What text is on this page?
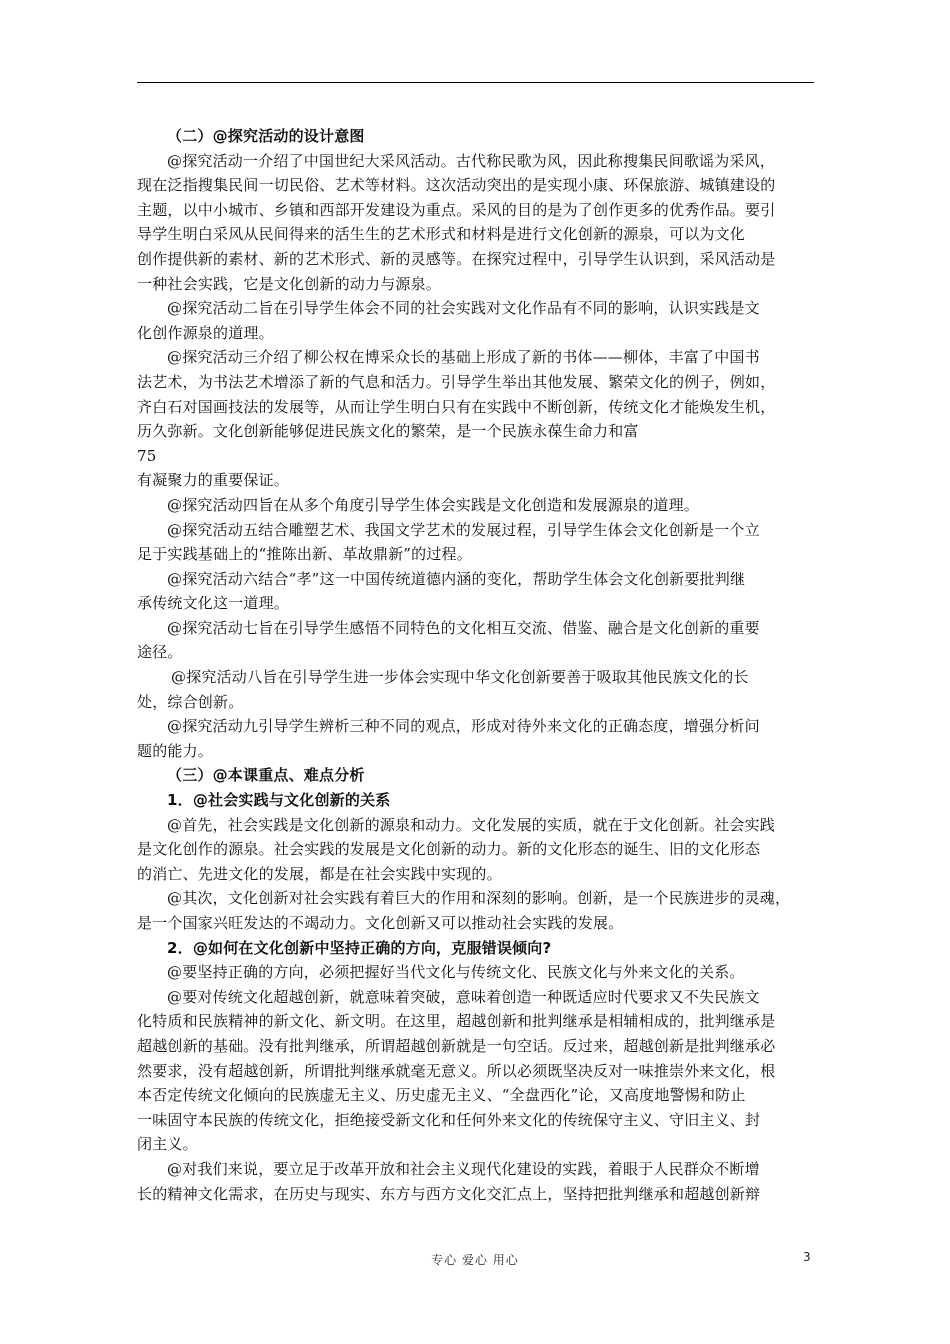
（二）@探究活动的设计意图

@探究活动一介绍了中国世纪大采风活动。古代称民歌为风，因此称搜集民间歌谣为采风，

现在泛指搜集民间一切民俗、艺术等材料。这次活动突出的是实现小康、环保旅游、城镇建设的

主题，以中小城市、乡镇和西部开发建设为重点。采风的目的是为了创作更多的优秀作品。要引

导学生明白采风从民间得来的活生生的艺术形式和材料是进行文化创新的源泉，可以为文化

创作提供新的素材、新的艺术形式、新的灵感等。在探究过程中，引导学生认识到，采风活动是

一种社会实践，它是文化创新的动力与源泉。

@探究活动二旨在引导学生体会不同的社会实践对文化作品有不同的影响，认识实践是文

化创作源泉的道理。

@探究活动三介绍了柳公权在博采众长的基础上形成了新的书体——柳体，丰富了中国书

法艺术，为书法艺术增添了新的气息和活力。引导学生举出其他发展、繁荣文化的例子，例如，

齐白石对国画技法的发展等，从而让学生明白只有在实践中不断创新，传统文化才能焕发生机，

历久弥新。文化创新能够促进民族文化的繁荣，是一个民族永葆生命力和富

75

有凝聚力的重要保证。

@探究活动四旨在从多个角度引导学生体会实践是文化创造和发展源泉的道理。

@探究活动五结合雕塑艺术、我国文学艺术的发展过程，引导学生体会文化创新是一个立

足于实践基础上的“推陈出新、革故鼎新”的过程。

@探究活动六结合“孝”这一中国传统道德内涵的变化，帮助学生体会文化创新要批判继

承传统文化这一道理。

@探究活动七旨在引导学生感悟不同特色的文化相互交流、借鉴、融合是文化创新的重要

途径。

@探究活动八旨在引导学生进一步体会实现中华文化创新要善于吸取其他民族文化的长

处，综合创新。

@探究活动九引导学生辨析三种不同的观点，形成对待外来文化的正确态度，增强分析问

题的能力。

（三）@本课重点、难点分析

1．@社会实践与文化创新的关系

@首先，社会实践是文化创新的源泉和动力。文化发展的实质，就在于文化创新。社会实践

是文化创作的源泉。社会实践的发展是文化创新的动力。新的文化形态的诞生、旧的文化形态

的消亡、先进文化的发展，都是在社会实践中实现的。

@其次，文化创新对社会实践有着巨大的作用和深刻的影响。创新，是一个民族进步的灵魂，

是一个国家兴旺发达的不竭动力。文化创新又可以推动社会实践的发展。

2．@如何在文化创新中坚持正确的方向，克服错误倾向?

@要坚持正确的方向，必须把握好当代文化与传统文化、民族文化与外来文化的关系。

@要对传统文化超越创新，就意味着突破，意味着创造一种既适应时代要求又不失民族文

化特质和民族精神的新文化、新文明。在这里，超越创新和批判继承是相辅相成的，批判继承是

超越创新的基础。没有批判继承，所谓超越创新就是一句空话。反过来，超越创新是批判继承必

然要求，没有超越创新，所谓批判继承就毫无意义。所以必须既坚决反对一味推崇外来文化，根

本否定传统文化倾向的民族虚无主义、历史虚无主义、“全盘西化”论，又高度地警惕和防止

一味固守本民族的传统文化，拒绝接受新文化和任何外来文化的传统保守主义、守旧主义、封

闭主义。

@对我们来说，要立足于改革开放和社会主义现代化建设的实践，着眼于人民群众不断增

长的精神文化需求，在历史与现实、东方与西方文化交汇点上，坚持把批判继承和超越创新辩

专心 爱心 用心	3
